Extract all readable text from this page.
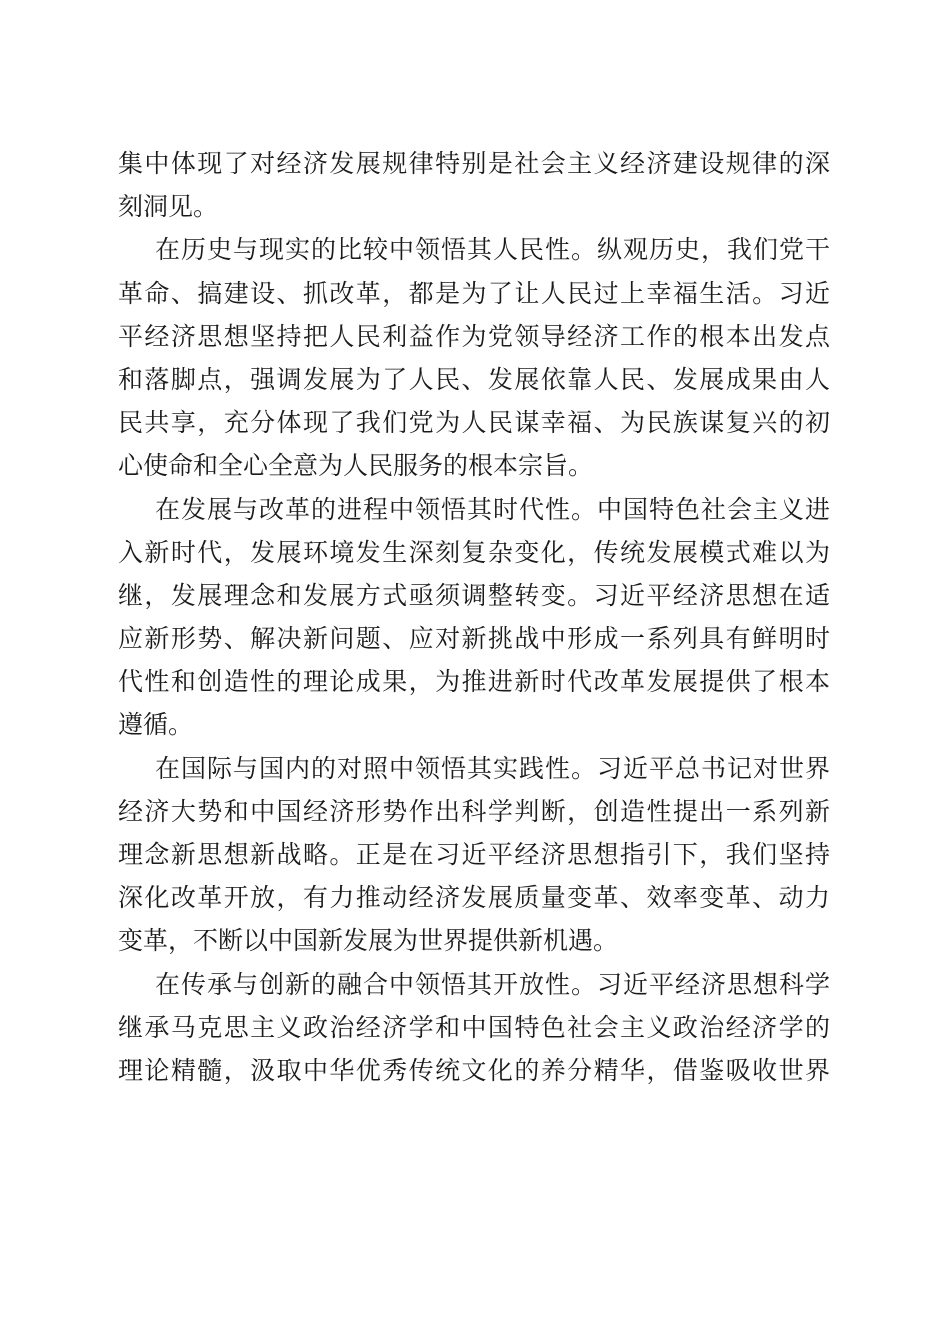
集中体现了对经济发展规律特别是社会主义经济建设规律的深
刻洞见。
在历史与现实的比较中领悟其人民性。纵观历史，我们党干
革命、搞建设、抓改革，都是为了让人民过上幸福生活。习近
平经济思想坚持把人民利益作为党领导经济工作的根本出发点
和落脚点，强调发展为了人民、发展依靠人民、发展成果由人
民共享，充分体现了我们党为人民谋幸福、为民族谋复兴的初
心使命和全心全意为人民服务的根本宗旨。
在发展与改革的进程中领悟其时代性。中国特色社会主义进
入新时代，发展环境发生深刻复杂变化，传统发展模式难以为
继，发展理念和发展方式亟须调整转变。习近平经济思想在适
应新形势、解决新问题、应对新挑战中形成一系列具有鲜明时
代性和创造性的理论成果，为推进新时代改革发展提供了根本
遵循。
在国际与国内的对照中领悟其实践性。习近平总书记对世界
经济大势和中国经济形势作出科学判断，创造性提出一系列新
理念新思想新战略。正是在习近平经济思想指引下，我们坚持
深化改革开放，有力推动经济发展质量变革、效率变革、动力
变革，不断以中国新发展为世界提供新机遇。
在传承与创新的融合中领悟其开放性。习近平经济思想科学
继承马克思主义政治经济学和中国特色社会主义政治经济学的
理论精髓，汲取中华优秀传统文化的养分精华，借鉴吸收世界
